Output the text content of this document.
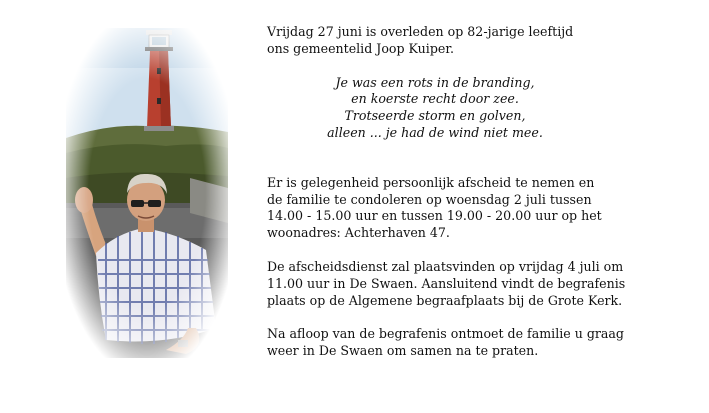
Vrijdag 27 juni is overleden op 82-jarige leeftijd
ons gemeentelid Joop Kuiper.

Je was een rots in de branding,
en koerste recht door zee.
Trotseerde storm en golven,
alleen ... je had de wind niet mee.

Er is gelegenheid persoonlijk afscheid te nemen en
de familie te condoleren op woensdag 2 juli tussen
14.00 - 15.00 uur en tussen 19.00 - 20.00 uur op het
woonadres: Achterhaven 47.

De afscheidsdienst zal plaatsvinden op vrijdag 4 juli om
11.00 uur in De Swaen. Aansluitend vindt de begrafenis
plaats op de Algemene begraafplaats bij de Grote Kerk.

Na afloop van de begrafenis ontmoet de familie u graag
weer in De Swaen om samen na te praten.
